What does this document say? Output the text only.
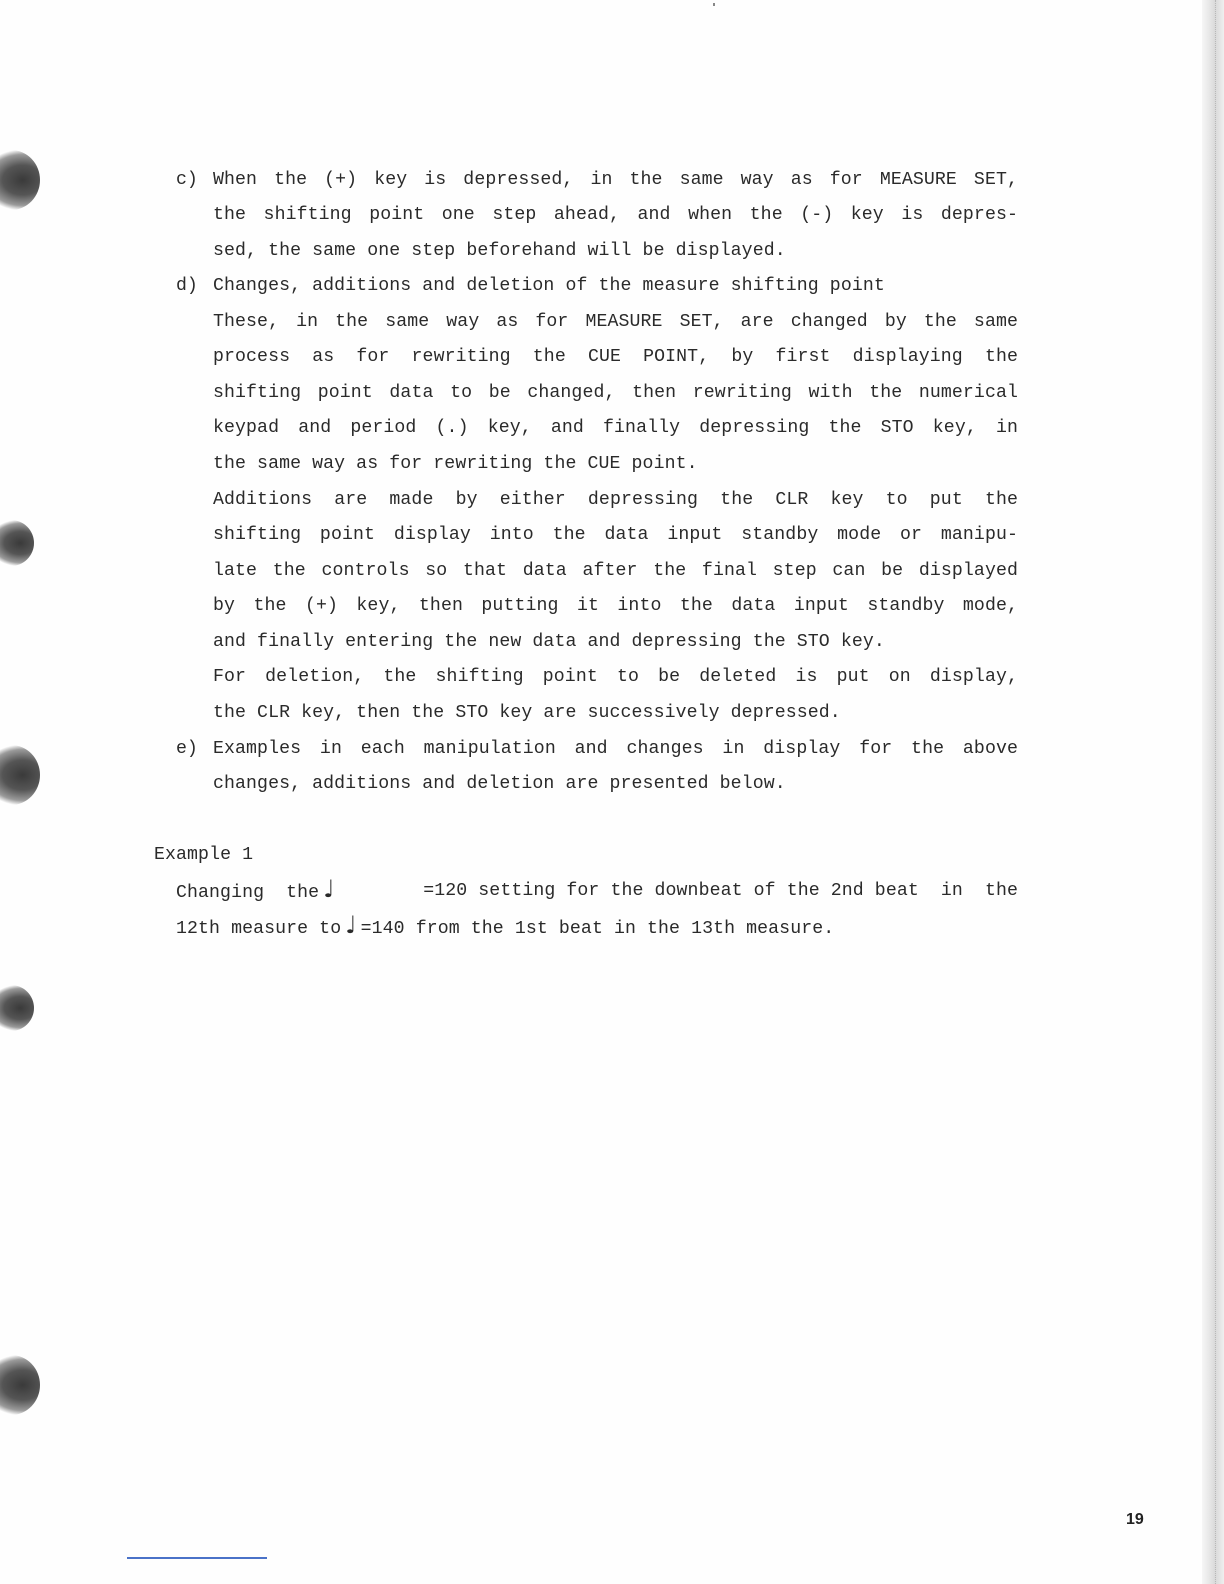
c) When the (+) key is depressed, in the same way as for MEASURE SET,
the shifting point one step ahead, and when the (-) key is depres-
sed, the same one step beforehand will be displayed.
d) Changes, additions and deletion of the measure shifting point
These, in the same way as for MEASURE SET, are changed by the same
process as for rewriting the CUE POINT, by first displaying the
shifting point data to be changed, then rewriting with the numerical
keypad and period (.) key, and finally depressing the STO key, in
the same way as for rewriting the CUE point.
Additions are made by either depressing the CLR key to put the
shifting point display into the data input standby mode or manipu-
late the controls so that data after the final step can be displayed
by the (+) key, then putting it into the data input standby mode,
and finally entering the new data and depressing the STO key.
For deletion, the shifting point to be deleted is put on display,
the CLR key, then the STO key are successively depressed.
e) Examples in each manipulation and changes in display for the above
changes, additions and deletion are presented below.
Example 1
Changing  the ♩	=120 setting for the downbeat of the 2nd beat  in  the
12th measure to ♩ =140 from the 1st beat in the 13th measure.
19
